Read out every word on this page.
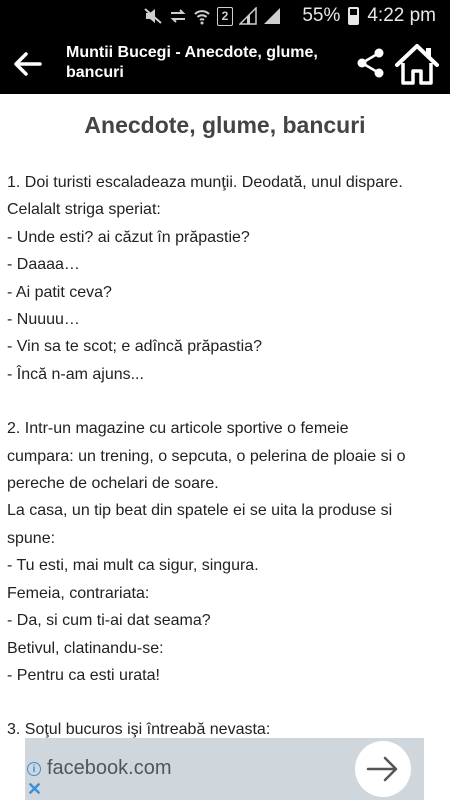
2	55% 4:22 pm
Muntii Bucegi - Anecdote, glume, bancuri
Anecdote, glume, bancuri
1. Doi turisti escaladeaza munţii. Deodată, unul dispare.
Celalalt striga speriat:
- Unde esti? ai căzut în prăpastie?
- Daaaa…
- Ai patit ceva?
- Nuuuu…
- Vin sa te scot; e adîncă prăpastia?
- Încă n-am ajuns...
2. Intr-un magazine cu articole sportive o femeie
cumpara: un trening, o sepcuta, o pelerina de ploaie si o
pereche de ochelari de soare.
La casa, un tip beat din spatele ei se uita la produse si
spune:
- Tu esti, mai mult ca sigur, singura.
Femeia, contrariata:
- Da, si cum ti-ai dat seama?
Betivul, clatinandu-se:
- Pentru ca esti urata!
3. Soţul bucuros işi întreabă nevasta:
i
✕
facebook.com
